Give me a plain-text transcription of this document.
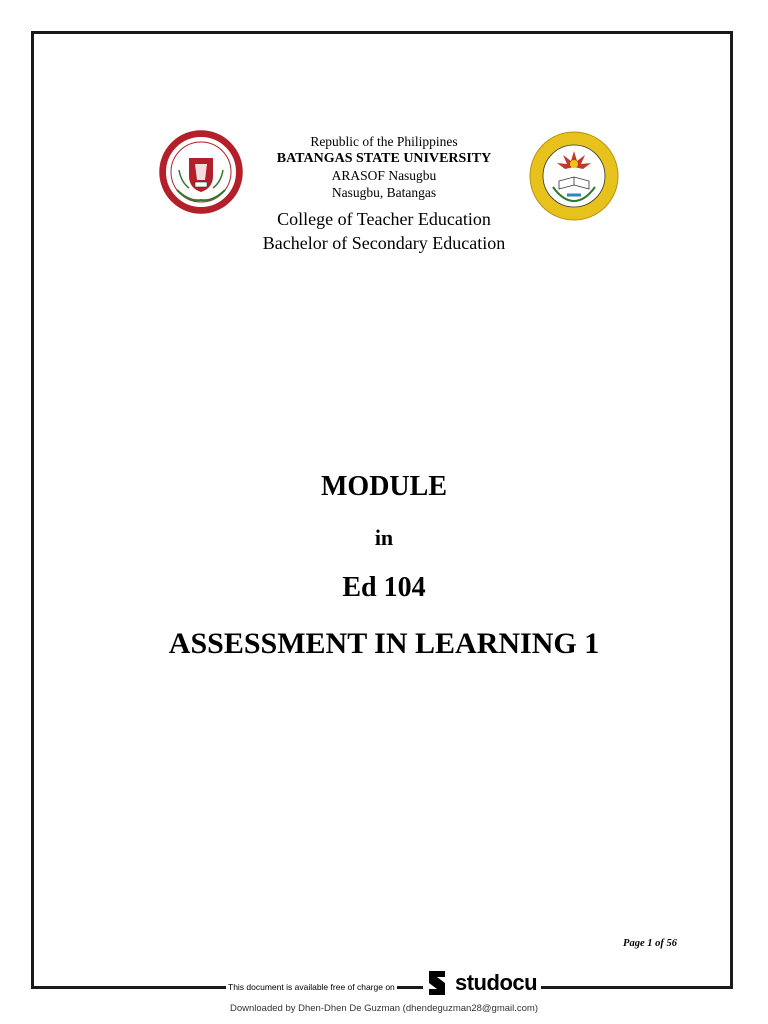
Republic of the Philippines
BATANGAS STATE UNIVERSITY
ARASOF Nasugbu
Nasugbu, Batangas
College of Teacher Education
Bachelor of Secondary Education
MODULE
in
Ed 104
ASSESSMENT IN LEARNING 1
Page 1 of 56
This document is available free of charge on	studocu
Downloaded by Dhen-Dhen De Guzman (dhendeguzman28@gmail.com)
